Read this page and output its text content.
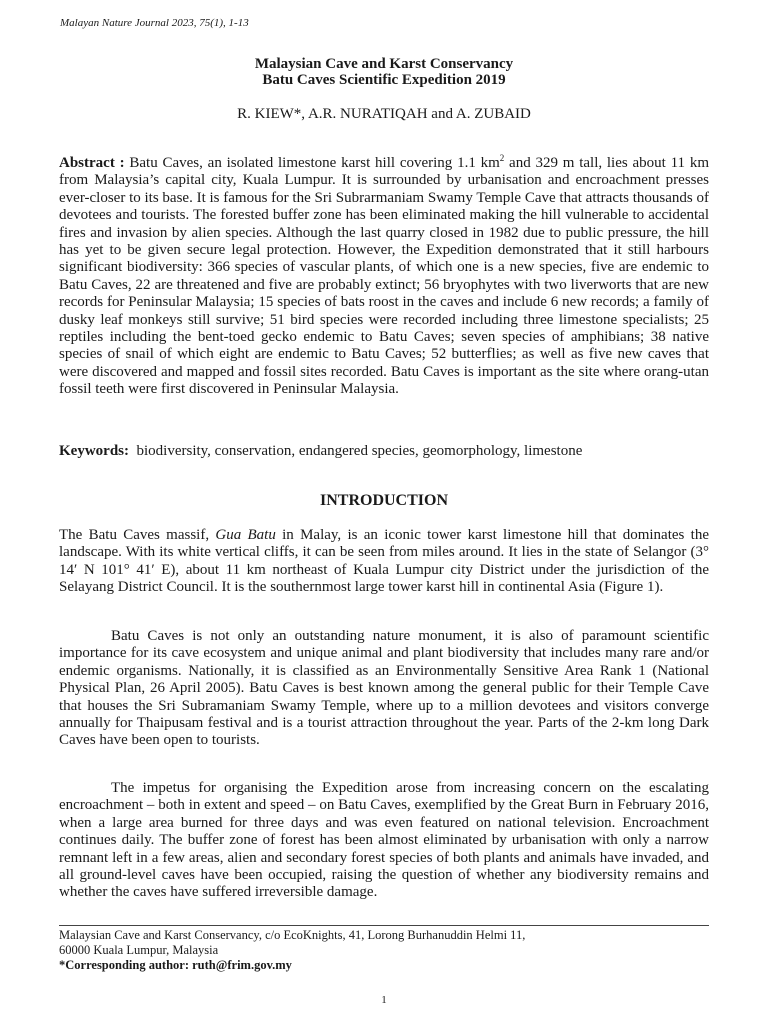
Malayan Nature Journal 2023, 75(1), 1-13
Malaysian Cave and Karst Conservancy
Batu Caves Scientific Expedition 2019
R. KIEW*, A.R. NURATIQAH and A. ZUBAID
Abstract : Batu Caves, an isolated limestone karst hill covering 1.1 $km^2$ and 329 m tall, lies about 11 km from Malaysia’s capital city, Kuala Lumpur. It is surrounded by urbanisation and encroachment presses ever-closer to its base. It is famous for the Sri Subrarmaniam Swamy Temple Cave that attracts thousands of devotees and tourists. The forested buffer zone has been eliminated making the hill vulnerable to accidental fires and invasion by alien species. Although the last quarry closed in 1982 due to public pressure, the hill has yet to be given secure legal protection. However, the Expedition demonstrated that it still harbours significant biodiversity: 366 species of vascular plants, of which one is a new species, five are endemic to Batu Caves, 22 are threatened and five are probably extinct; 56 bryophytes with two liverworts that are new records for Peninsular Malaysia; 15 species of bats roost in the caves and include 6 new records; a family of dusky leaf monkeys still survive; 51 bird species were recorded including three limestone specialists; 25 reptiles including the bent-toed gecko endemic to Batu Caves; seven species of amphibians; 38 native species of snail of which eight are endemic to Batu Caves; 52 butterflies; as well as five new caves that were discovered and mapped and fossil sites recorded. Batu Caves is important as the site where orang-utan fossil teeth were first discovered in Peninsular Malaysia.
Keywords:  biodiversity, conservation, endangered species, geomorphology, limestone
INTRODUCTION
The Batu Caves massif, Gua Batu in Malay, is an iconic tower karst limestone hill that dominates the landscape. With its white vertical cliffs, it can be seen from miles around. It lies in the state of Selangor (3° 14′ N 101° 41′ E), about 11 km northeast of Kuala Lumpur city District under the jurisdiction of the Selayang District Council. It is the southernmost large tower karst hill in continental Asia (Figure 1).
Batu Caves is not only an outstanding nature monument, it is also of paramount scientific importance for its cave ecosystem and unique animal and plant biodiversity that includes many rare and/or endemic organisms. Nationally, it is classified as an Environmentally Sensitive Area Rank 1 (National Physical Plan, 26 April 2005). Batu Caves is best known among the general public for their Temple Cave that houses the Sri Subramaniam Swamy Temple, where up to a million devotees and visitors converge annually for Thaipusam festival and is a tourist attraction throughout the year. Parts of the 2-km long Dark Caves have been open to tourists.
The impetus for organising the Expedition arose from increasing concern on the escalating encroachment – both in extent and speed – on Batu Caves, exemplified by the Great Burn in February 2016, when a large area burned for three days and was even featured on national television. Encroachment continues daily. The buffer zone of forest has been almost eliminated by urbanisation with only a narrow remnant left in a few areas, alien and secondary forest species of both plants and animals have invaded, and all ground-level caves have been occupied, raising the question of whether any biodiversity remains and whether the caves have suffered irreversible damage.
Malaysian Cave and Karst Conservancy, c/o EcoKnights, 41, Lorong Burhanuddin Helmi 11,
60000 Kuala Lumpur, Malaysia
*Corresponding author: ruth@frim.gov.my
1
